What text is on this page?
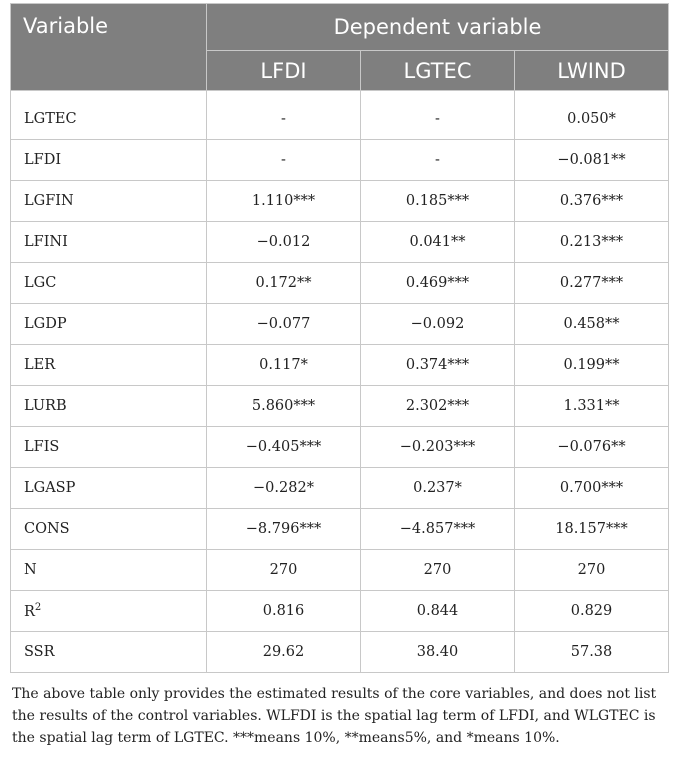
Variable	Dependent variable		
	LFDI	LGTEC	LWIND
LGTEC	-	-	0.050*
LFDI	-	-	−0.081**
LGFIN	1.110***	0.185***	0.376***
LFINI	−0.012	0.041**	0.213***
LGC	0.172**	0.469***	0.277***
LGDP	−0.077	−0.092	0.458**
LER	0.117*	0.374***	0.199**
LURB	5.860***	2.302***	1.331**
LFIS	−0.405***	−0.203***	−0.076**
LGASP	−0.282*	0.237*	0.700***
CONS	−8.796***	−4.857***	18.157***
N	270	270	270
$R^2$	0.816	0.844	0.829
SSR	29.62	38.40	57.38
The above table only provides the estimated results of the core variables, and does not list the results of the control variables. WLFDI is the spatial lag term of LFDI, and WLGTEC is the spatial lag term of LGTEC. ***means 10%, **means5%, and *means 10%.
